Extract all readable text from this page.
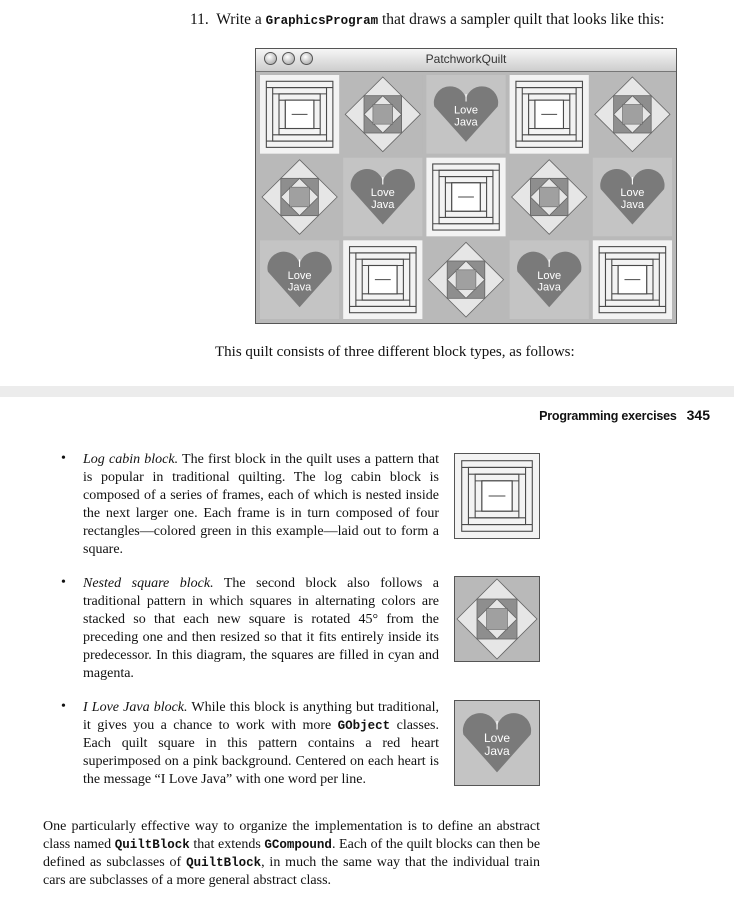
11. Write a GraphicsProgram that draws a sampler quilt that looks like this:
PatchworkQuilt
I
Love
Java
I
Love
Java
I
Love
Java
I
Love
Java
I
Love
Java
This quilt consists of three different block types, as follows:
Programming exercises 345
• Log cabin block. The first block in the quilt uses a pattern that is popular in traditional quilting. The log cabin block is composed of a series of frames, each of which is nested inside the next larger one. Each frame is in turn composed of four rectangles—colored green in this example—laid out to form a square.
• Nested square block. The second block also follows a traditional pattern in which squares in alternating colors are stacked so that each new square is rotated 45° from the preceding one and then resized so that it fits entirely inside its predecessor. In this diagram, the squares are filled in cyan and magenta.
• I Love Java block. While this block is anything but traditional, it gives you a chance to work with more GObject classes. Each quilt square in this pattern contains a red heart superimposed on a pink background. Centered on each heart is the message “I Love Java” with one word per line.
I
Love
Java
One particularly effective way to organize the implementation is to define an abstract class named QuiltBlock that extends GCompound. Each of the quilt blocks can then be defined as subclasses of QuiltBlock, in much the same way that the individual train cars are subclasses of a more general abstract class.
